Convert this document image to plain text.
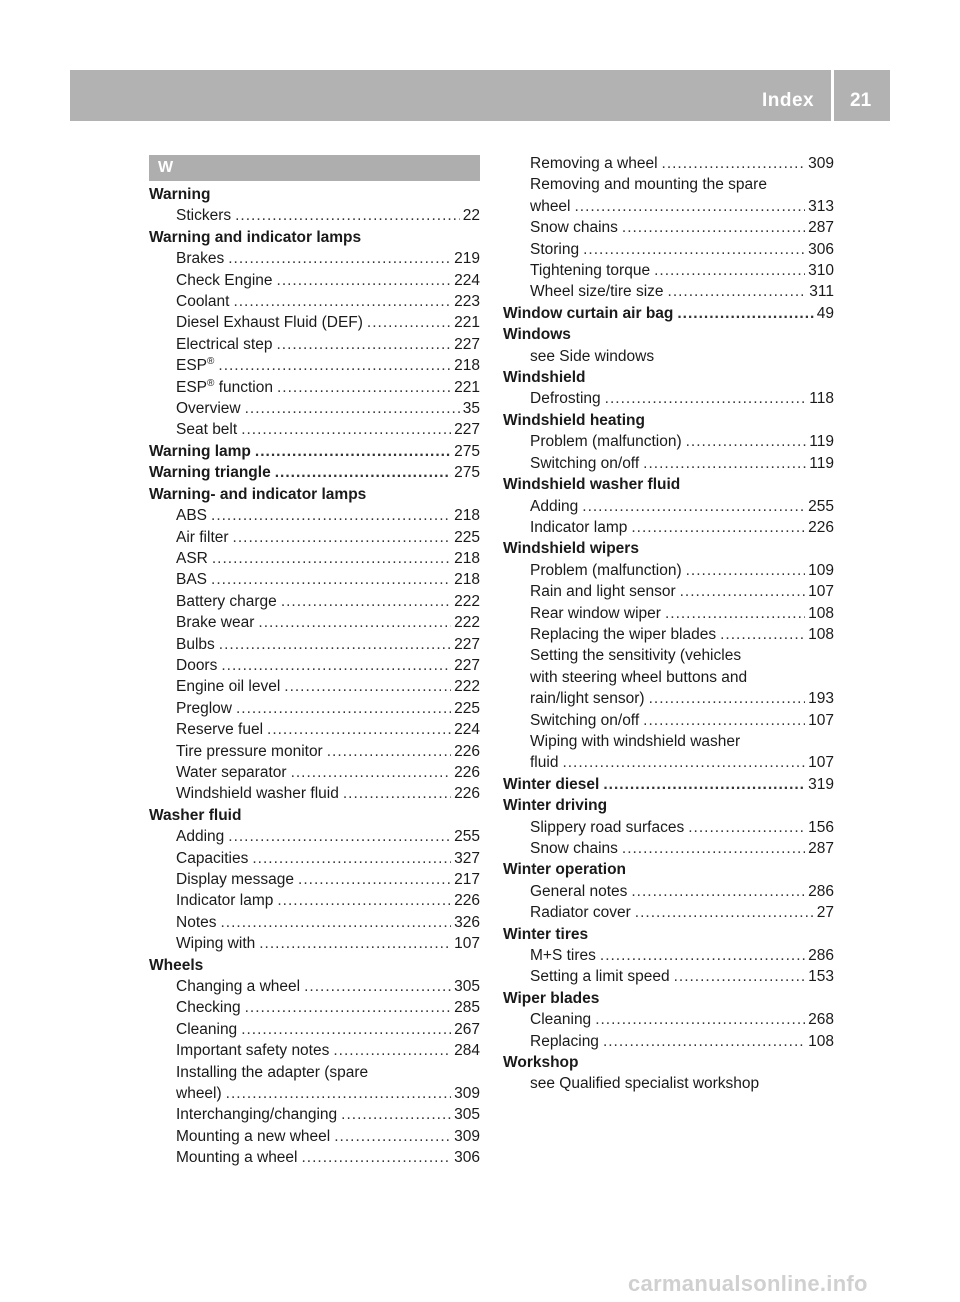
Index 21
W
Warning
Stickers .....	22
Warning and indicator lamps
Brakes .....	219
Check Engine .....	224
Coolant .....	223
Diesel Exhaust Fluid (DEF) .....	221
Electrical step .....	227
ESP® .....	218
ESP® function .....	221
Overview .....	35
Seat belt .....	227
Warning lamp .....	275
Warning triangle .....	275
Warning- and indicator lamps
ABS .....	218
Air filter .....	225
ASR .....	218
BAS .....	218
Battery charge .....	222
Brake wear .....	222
Bulbs .....	227
Doors .....	227
Engine oil level .....	222
Preglow .....	225
Reserve fuel .....	224
Tire pressure monitor .....	226
Water separator .....	226
Windshield washer fluid .....	226
Washer fluid
Adding .....	255
Capacities .....	327
Display message .....	217
Indicator lamp .....	226
Notes .....	326
Wiping with .....	107
Wheels
Changing a wheel .....	305
Checking .....	285
Cleaning .....	267
Important safety notes .....	284
Installing the adapter (spare
wheel) .....	309
Interchanging/changing .....	305
Mounting a new wheel .....	309
Mounting a wheel .....	306
Removing a wheel .....	309
Removing and mounting the spare
wheel .....	313
Snow chains .....	287
Storing .....	306
Tightening torque .....	310
Wheel size/tire size .....	311
Window curtain air bag .....	49
Windows
see Side windows
Windshield
Defrosting .....	118
Windshield heating
Problem (malfunction) .....	119
Switching on/off .....	119
Windshield washer fluid
Adding .....	255
Indicator lamp .....	226
Windshield wipers
Problem (malfunction) .....	109
Rain and light sensor .....	107
Rear window wiper .....	108
Replacing the wiper blades .....	108
Setting the sensitivity (vehicles
with steering wheel buttons and
rain/light sensor) .....	193
Switching on/off .....	107
Wiping with windshield washer
fluid .....	107
Winter diesel .....	319
Winter driving
Slippery road surfaces .....	156
Snow chains .....	287
Winter operation
General notes .....	286
Radiator cover .....	27
Winter tires
M+S tires .....	286
Setting a limit speed .....	153
Wiper blades
Cleaning .....	268
Replacing .....	108
Workshop
see Qualified specialist workshop
carmanualsonline.info
